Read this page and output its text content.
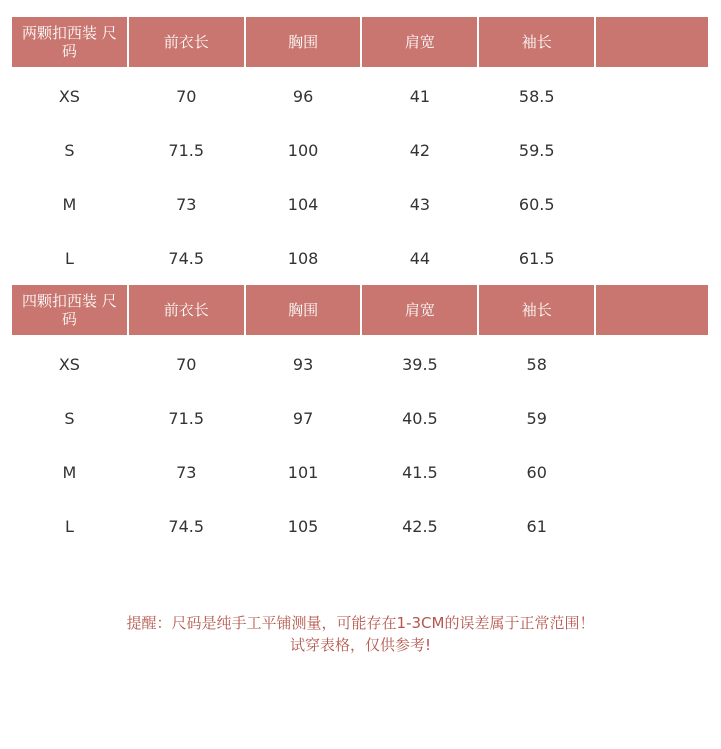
两颗扣西装 尺码	前衣长	胸围	肩宽	袖长
XS	70	96	41	58.5
S	71.5	100	42	59.5
M	73	104	43	60.5
L	74.5	108	44	61.5
四颗扣西装 尺码	前衣长	胸围	肩宽	袖长
XS	70	93	39.5	58
S	71.5	97	40.5	59
M	73	101	41.5	60
L	74.5	105	42.5	61
提醒：尺码是纯手工平铺测量，可能存在1-3CM的误差属于正常范围！
试穿表格，仅供参考!
